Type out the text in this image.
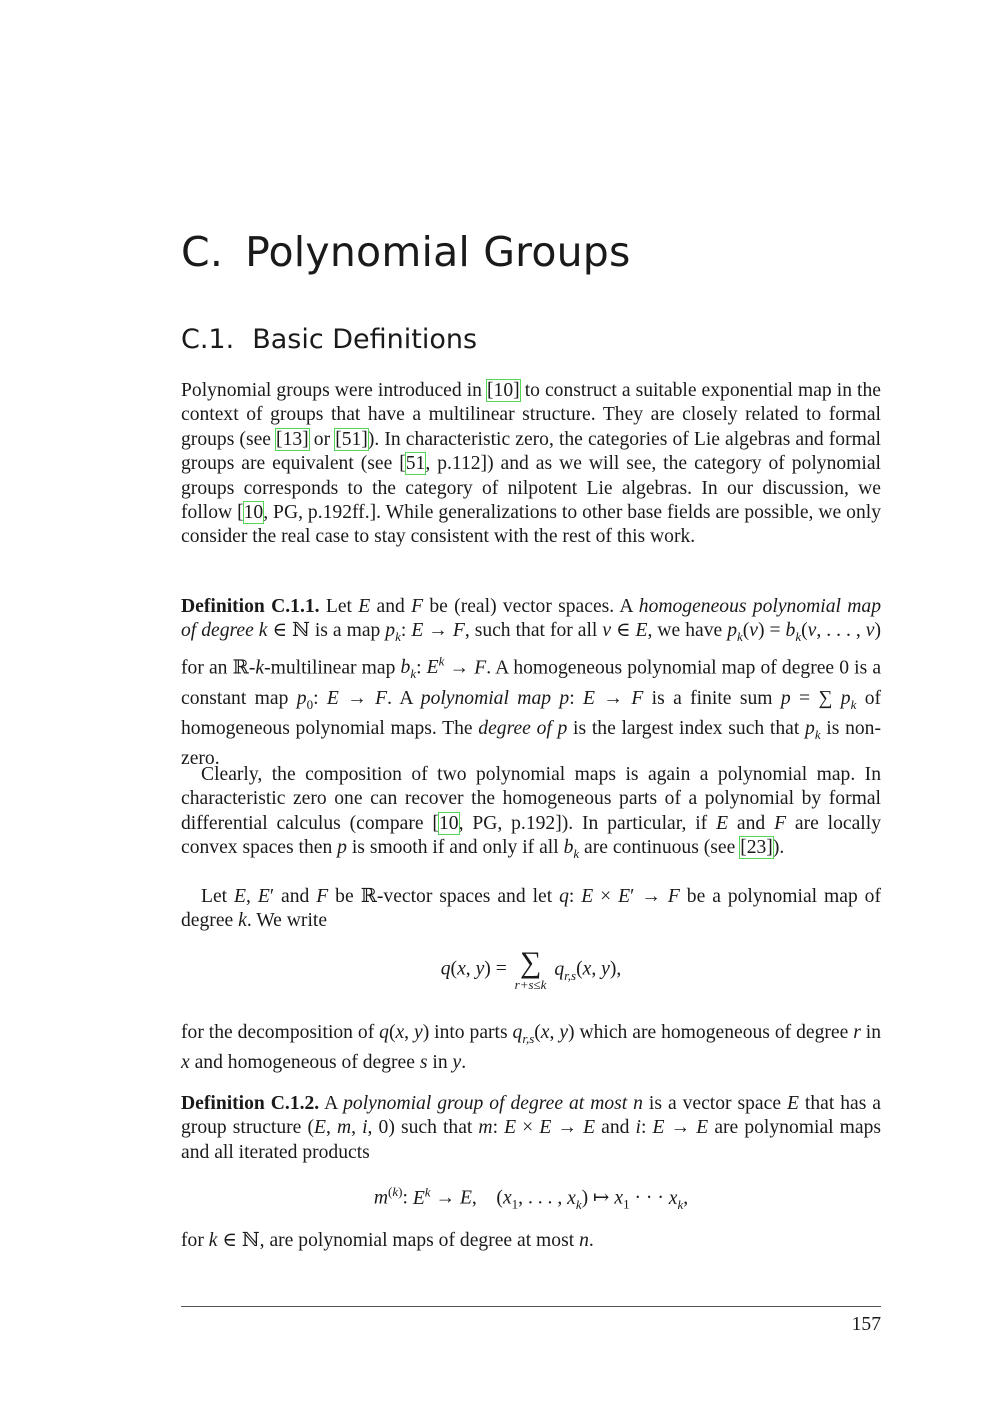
C. Polynomial Groups
C.1. Basic Definitions

Polynomial groups were introduced in [10] to construct a suitable exponential map in the context of groups that have a multilinear structure. They are closely related to formal groups (see [13] or [51]). In characteristic zero, the categories of Lie algebras and formal groups are equivalent (see [51, p.112]) and as we will see, the category of polynomial groups corresponds to the category of nilpotent Lie algebras. In our discussion, we follow [10, PG, p.192ff.]. While generalizations to other base fields are possible, we only consider the real case to stay consistent with the rest of this work.

Definition C.1.1. Let E and F be (real) vector spaces. A homogeneous polynomial map of degree k ∈ ℕ is a map $p_k$: E → F, such that for all v ∈ E, we have $p_k(v) = b_k(v$, . . . , v) for an ℝ-k-multilinear map $b_k$: $E^k \to F$. A homogeneous polynomial map of degree 0 is a constant map $p_0$: E → F. A polynomial map p: E → F is a finite sum p = ∑ $p_k$ of homogeneous polynomial maps. The degree of p is the largest index such that $p_k$ is non-zero.

Clearly, the composition of two polynomial maps is again a polynomial map. In characteristic zero one can recover the homogeneous parts of a polynomial by formal differential calculus (compare [10, PG, p.192]). In particular, if E and F are locally convex spaces then p is smooth if and only if all $b_k$ are continuous (see [23]).

Let E, E′ and F be ℝ-vector spaces and let q: E × E′ → F be a polynomial map of degree k. We write

q(x, y) = ∑
r+s≤k
$q_{r,s}(x$, y),

for the decomposition of q(x, y) into parts $q_{r,s}(x$, y) which are homogeneous of degree r in x and homogeneous of degree s in y.

Definition C.1.2. A polynomial group of degree at most n is a vector space E that has a group structure (E, m, i, 0) such that m: E × E → E and i: E → E are polynomial maps and all iterated products

$m^{(k)}$: $E^k \to E$,    ($x_1$, . . . , $x_k$) ↦ $x_1$ · · · $x_k$,

for k ∈ ℕ, are polynomial maps of degree at most n.

157
